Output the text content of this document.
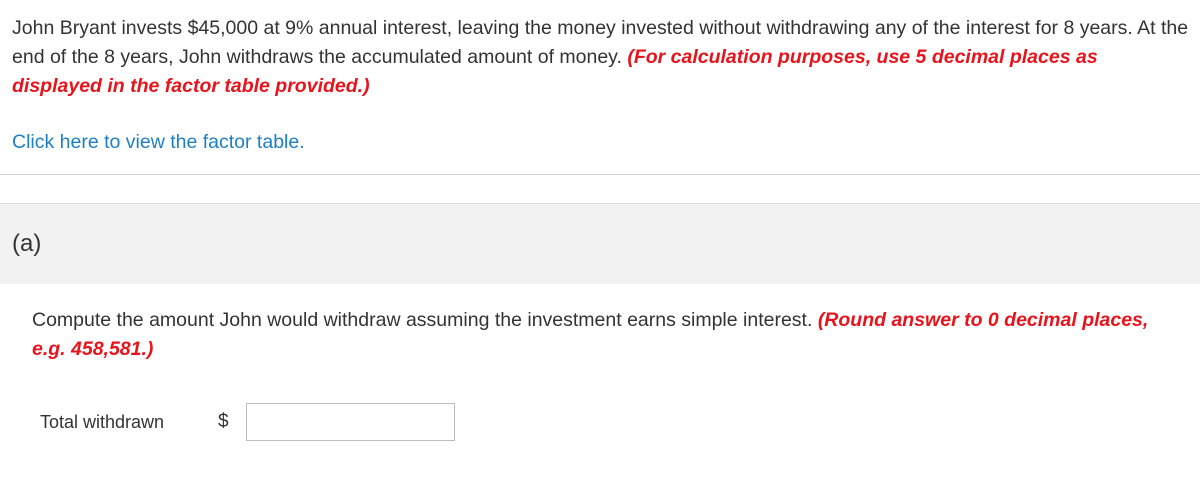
John Bryant invests $45,000 at 9% annual interest, leaving the money invested without withdrawing any of the interest for 8 years. At the end of the 8 years, John withdraws the accumulated amount of money. (For calculation purposes, use 5 decimal places as displayed in the factor table provided.)
Click here to view the factor table.
(a)
Compute the amount John would withdraw assuming the investment earns simple interest. (Round answer to 0 decimal places, e.g. 458,581.)
Total withdrawn	$
